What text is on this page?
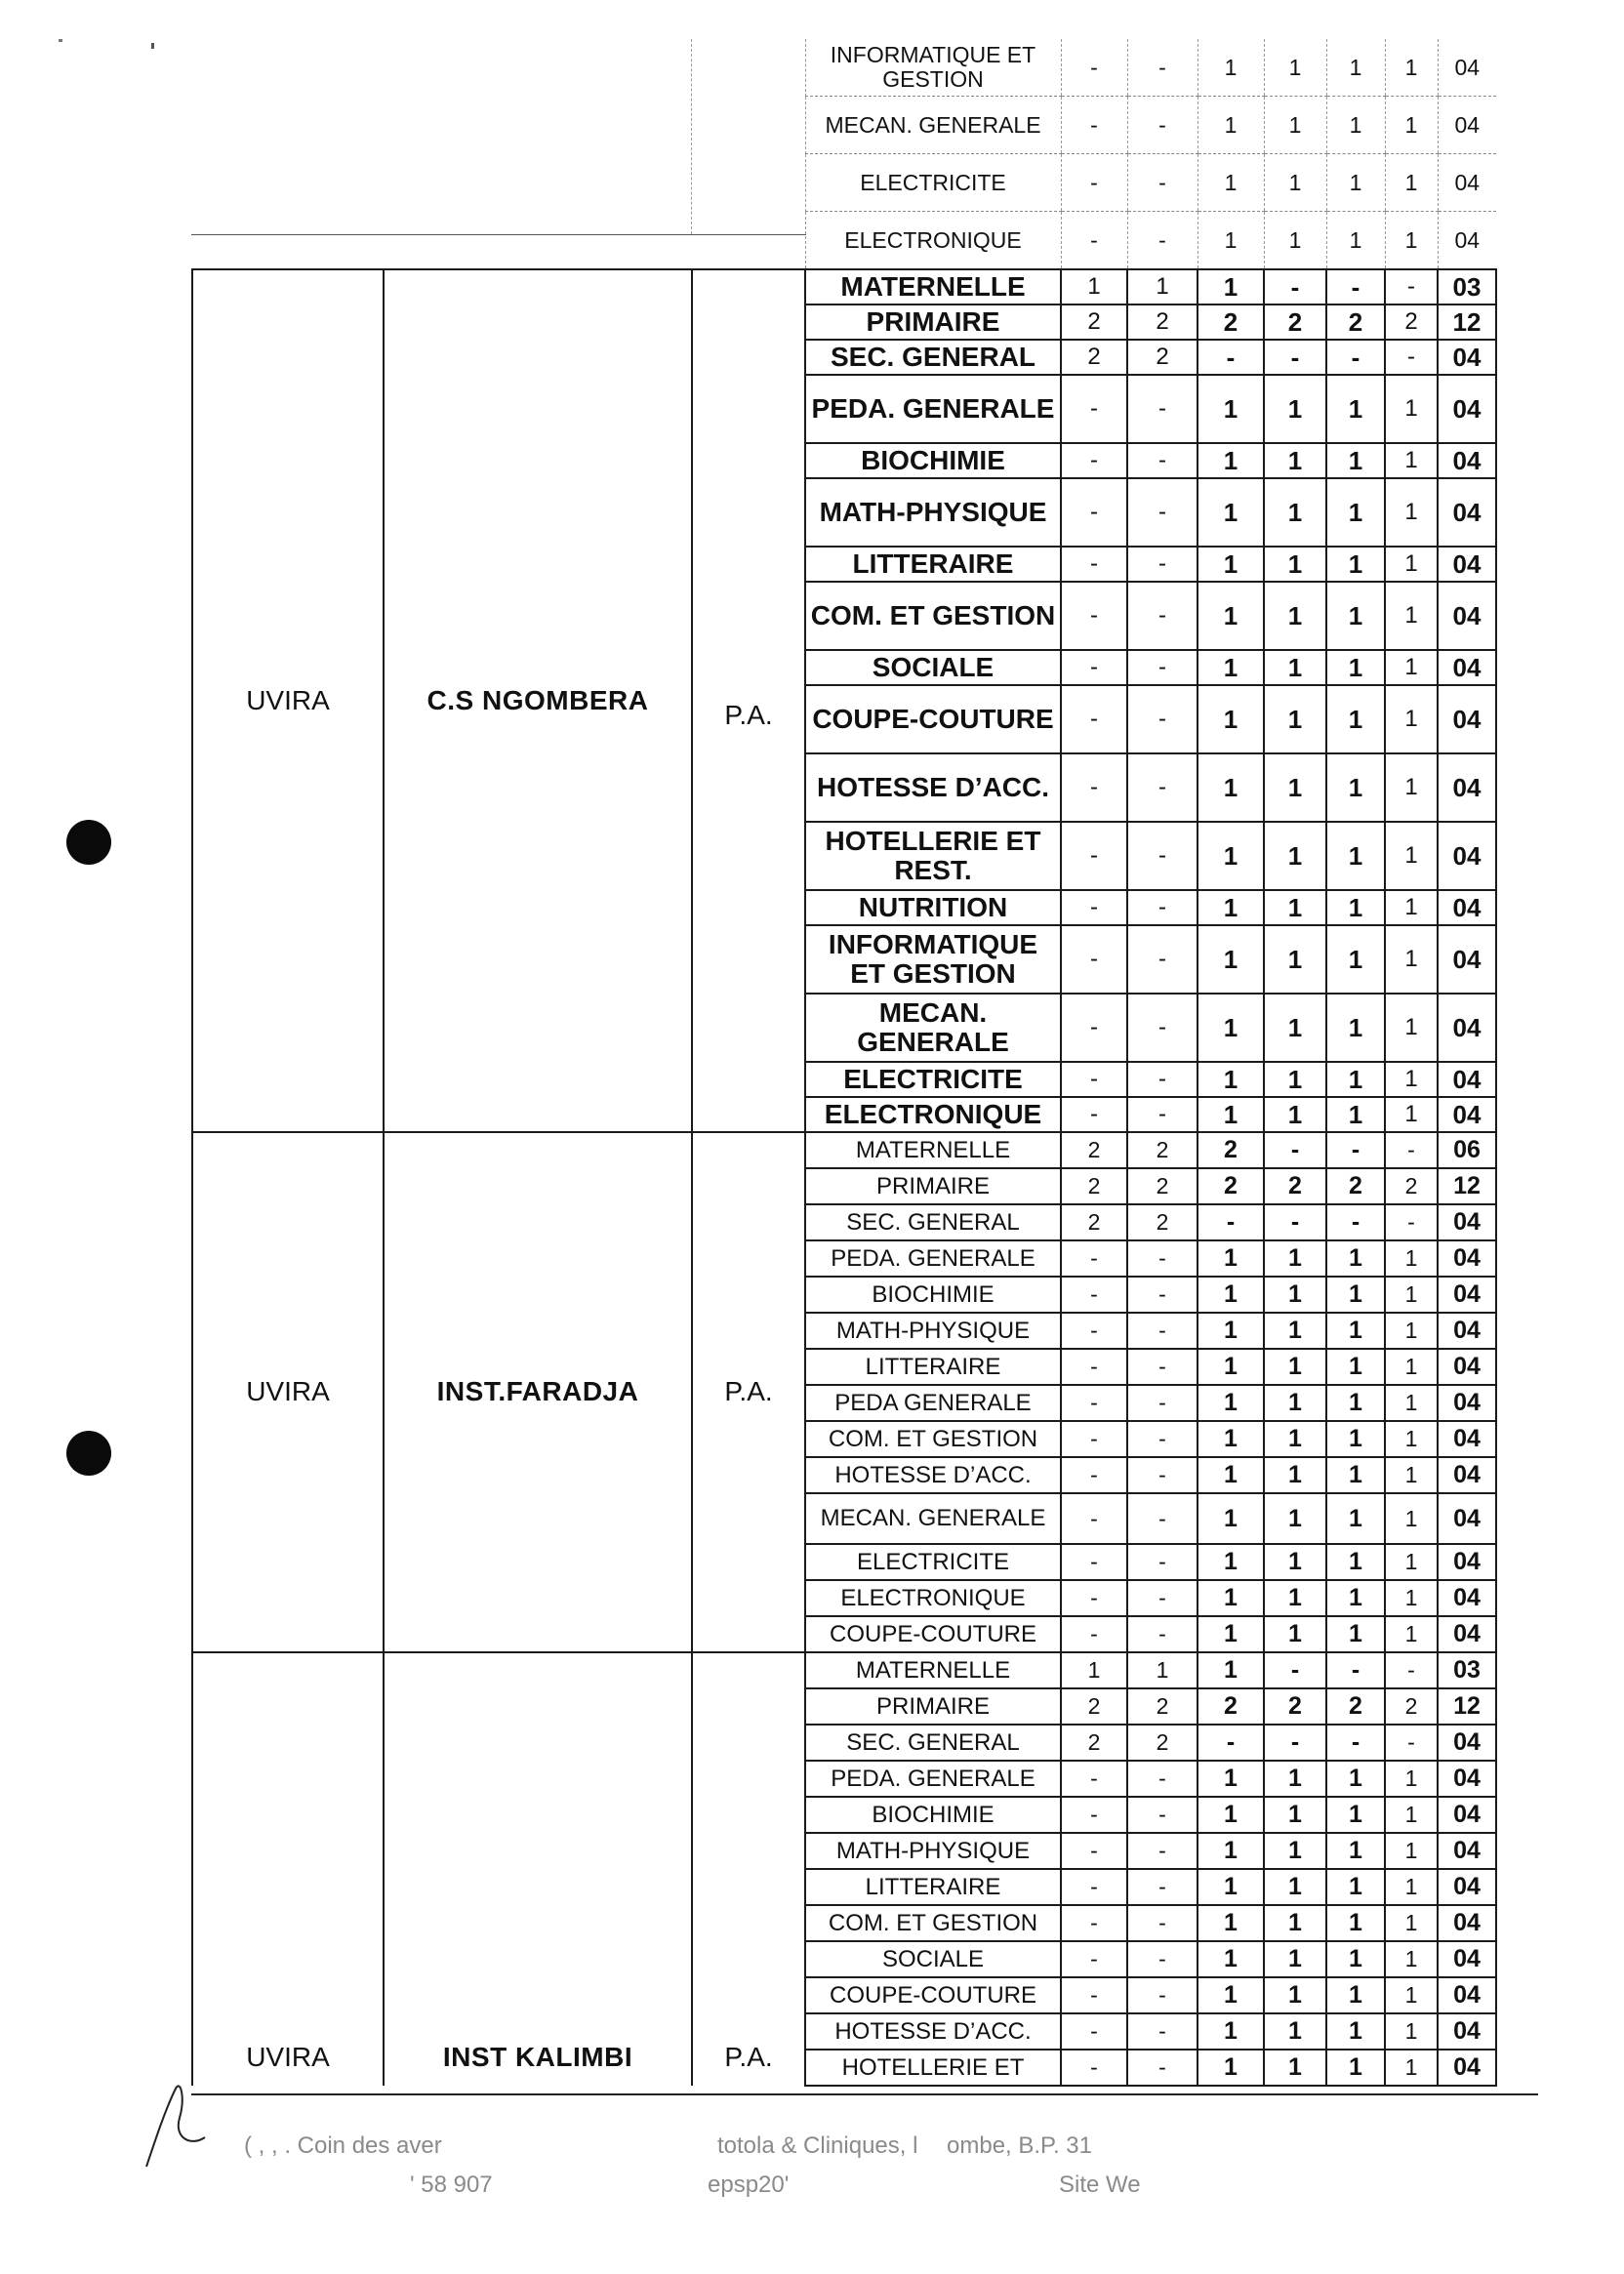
			INFORMATIQUE ET GESTION	-	-	1	1	1	1	04
			MECAN. GENERALE	-	-	1	1	1	1	04
			ELECTRICITE	-	-	1	1	1	1	04
			ELECTRONIQUE	-	-	1	1	1	1	04
UVIRA	C.S NGOMBERA	P.A.	MATERNELLE	1	1	1	-	-	-	03
			PRIMAIRE	2	2	2	2	2	2	12
			SEC. GENERAL	2	2	-	-	-	-	04
			PEDA. GENERALE	-	-	1	1	1	1	04
			BIOCHIMIE	-	-	1	1	1	1	04
			MATH-PHYSIQUE	-	-	1	1	1	1	04
			LITTERAIRE	-	-	1	1	1	1	04
			COM. ET GESTION	-	-	1	1	1	1	04
			SOCIALE	-	-	1	1	1	1	04
			COUPE-COUTURE	-	-	1	1	1	1	04
			HOTESSE D’ACC.	-	-	1	1	1	1	04
			HOTELLERIE ET REST.	-	-	1	1	1	1	04
			NUTRITION	-	-	1	1	1	1	04
			INFORMATIQUE ET GESTION	-	-	1	1	1	1	04
			MECAN. GENERALE	-	-	1	1	1	1	04
			ELECTRICITE	-	-	1	1	1	1	04
			ELECTRONIQUE	-	-	1	1	1	1	04
UVIRA	INST.FARADJA	P.A.	MATERNELLE	2	2	2	-	-	-	06
			PRIMAIRE	2	2	2	2	2	2	12
			SEC. GENERAL	2	2	-	-	-	-	04
			PEDA. GENERALE	-	-	1	1	1	1	04
			BIOCHIMIE	-	-	1	1	1	1	04
			MATH-PHYSIQUE	-	-	1	1	1	1	04
			LITTERAIRE	-	-	1	1	1	1	04
			PEDA GENERALE	-	-	1	1	1	1	04
			COM. ET GESTION	-	-	1	1	1	1	04
			HOTESSE D’ACC.	-	-	1	1	1	1	04
			MECAN. GENERALE	-	-	1	1	1	1	04
			ELECTRICITE	-	-	1	1	1	1	04
			ELECTRONIQUE	-	-	1	1	1	1	04
			COUPE-COUTURE	-	-	1	1	1	1	04
UVIRA	INST KALIMBI	P.A.	MATERNELLE	1	1	1	-	-	-	03
			PRIMAIRE	2	2	2	2	2	2	12
			SEC. GENERAL	2	2	-	-	-	-	04
			PEDA. GENERALE	-	-	1	1	1	1	04
			BIOCHIMIE	-	-	1	1	1	1	04
			MATH-PHYSIQUE	-	-	1	1	1	1	04
			LITTERAIRE	-	-	1	1	1	1	04
			COM. ET GESTION	-	-	1	1	1	1	04
			SOCIALE	-	-	1	1	1	1	04
			COUPE-COUTURE	-	-	1	1	1	1	04
			HOTESSE D’ACC.	-	-	1	1	1	1	04
			HOTELLERIE ET	-	-	1	1	1	1	04
( , , . Coin des aver	totola & Cliniques, l ombe, B.P. 31
' 58 907	epsp20'	Site We
